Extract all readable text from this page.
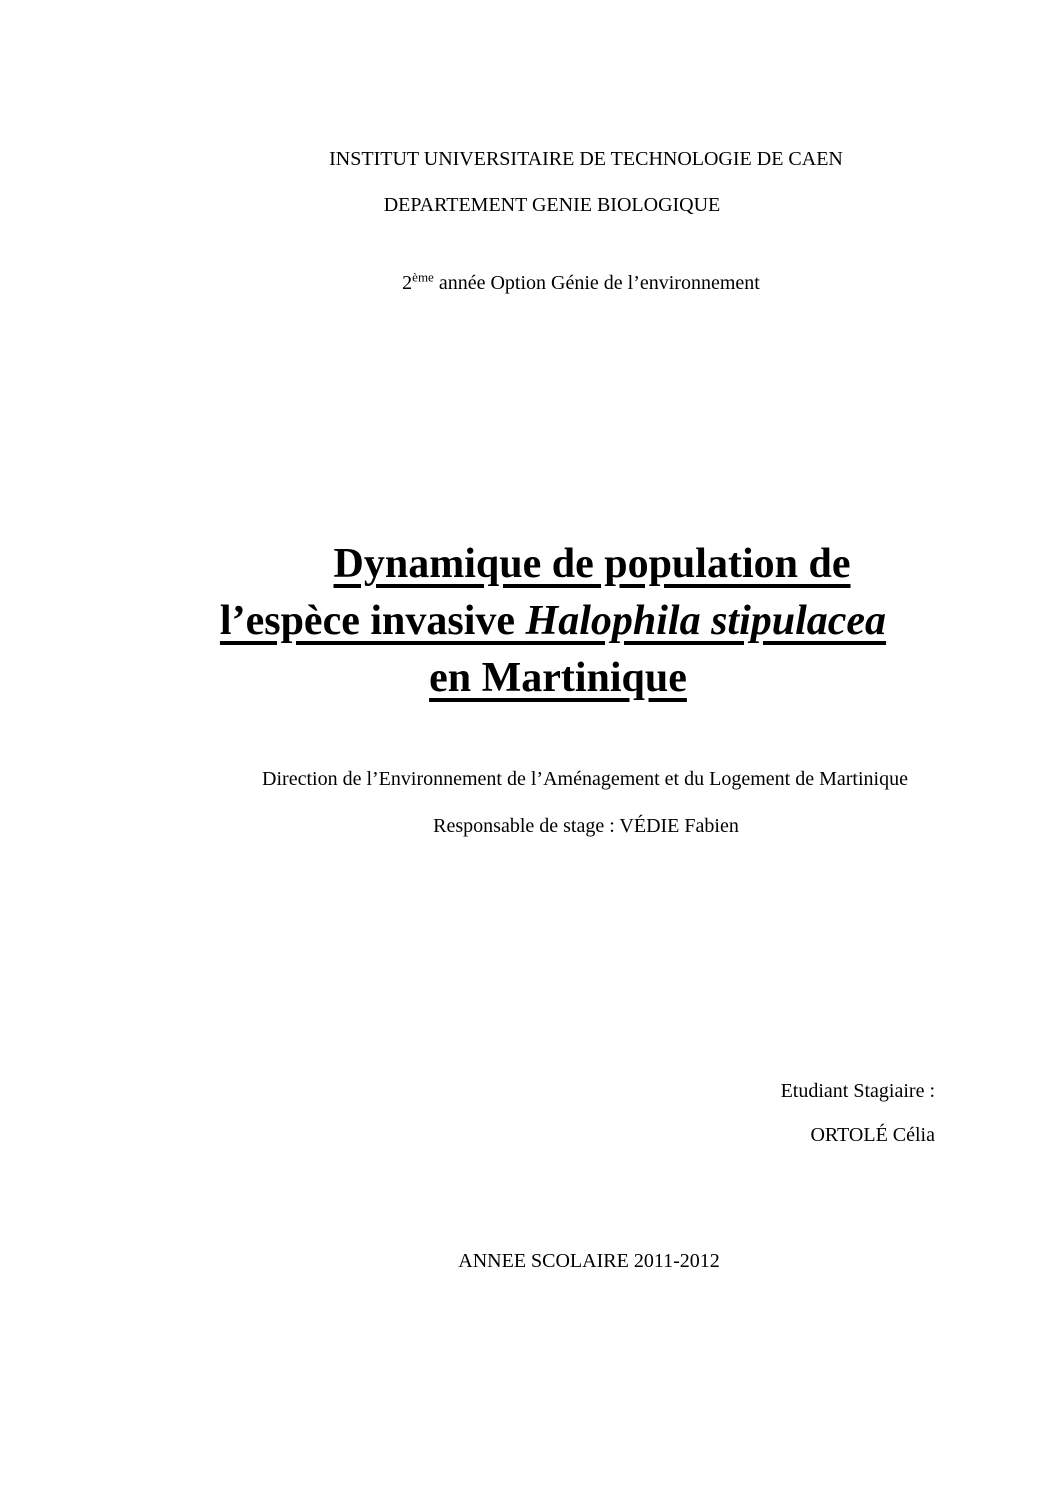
INSTITUT UNIVERSITAIRE DE TECHNOLOGIE DE CAEN
DEPARTEMENT GENIE BIOLOGIQUE
2ème année Option Génie de l’environnement
Dynamique de population de
l’espèce invasive Halophila stipulacea
en Martinique
Direction de l’Environnement de l’Aménagement et du Logement de Martinique
Responsable de stage : VÉDIE Fabien
Etudiant Stagiaire :
ORTOLÉ Célia
ANNEE SCOLAIRE 2011-2012
